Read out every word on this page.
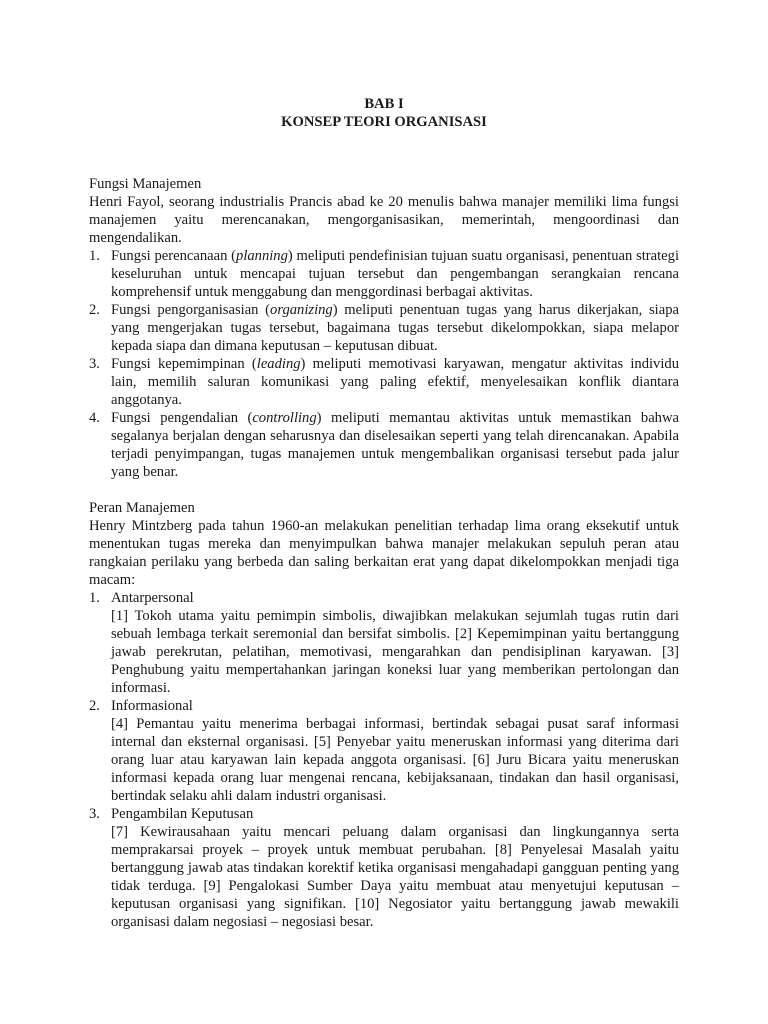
BAB I
KONSEP TEORI ORGANISASI

Fungsi Manajemen

Henri Fayol, seorang industrialis Prancis abad ke 20 menulis bahwa manajer memiliki lima fungsi manajemen yaitu merencanakan, mengorganisasikan, memerintah, mengoordinasi dan mengendalikan.

1. Fungsi perencanaan (planning) meliputi pendefinisian tujuan suatu organisasi, penentuan strategi keseluruhan untuk mencapai tujuan tersebut dan pengembangan serangkaian rencana komprehensif untuk menggabung dan menggordinasi berbagai aktivitas.
2. Fungsi pengorganisasian (organizing) meliputi penentuan tugas yang harus dikerjakan, siapa yang mengerjakan tugas tersebut, bagaimana tugas tersebut dikelompokkan, siapa melapor kepada siapa dan dimana keputusan – keputusan dibuat.
3. Fungsi kepemimpinan (leading) meliputi memotivasi karyawan, mengatur aktivitas individu lain, memilih saluran komunikasi yang paling efektif, menyelesaikan konflik diantara anggotanya.
4. Fungsi pengendalian (controlling) meliputi memantau aktivitas untuk memastikan bahwa segalanya berjalan dengan seharusnya dan diselesaikan seperti yang telah direncanakan. Apabila terjadi penyimpangan, tugas manajemen untuk mengembalikan organisasi tersebut pada jalur yang benar.

Peran Manajemen

Henry Mintzberg pada tahun 1960-an melakukan penelitian terhadap lima orang eksekutif untuk menentukan tugas mereka dan menyimpulkan bahwa manajer melakukan sepuluh peran atau rangkaian perilaku yang berbeda dan saling berkaitan erat yang dapat dikelompokkan menjadi tiga macam:

1. Antarpersonal
[1] Tokoh utama yaitu pemimpin simbolis, diwajibkan melakukan sejumlah tugas rutin dari sebuah lembaga terkait seremonial dan bersifat simbolis. [2] Kepemimpinan yaitu bertanggung jawab perekrutan, pelatihan, memotivasi, mengarahkan dan pendisiplinan karyawan. [3] Penghubung yaitu mempertahankan jaringan koneksi luar yang memberikan pertolongan dan informasi.
2. Informasional
[4] Pemantau yaitu menerima berbagai informasi, bertindak sebagai pusat saraf informasi internal dan eksternal organisasi. [5] Penyebar yaitu meneruskan informasi yang diterima dari orang luar atau karyawan lain kepada anggota organisasi. [6] Juru Bicara yaitu meneruskan informasi kepada orang luar mengenai rencana, kebijaksanaan, tindakan dan hasil organisasi, bertindak selaku ahli dalam industri organisasi.
3. Pengambilan Keputusan
[7] Kewirausahaan yaitu mencari peluang dalam organisasi dan lingkungannya serta memprakarsai proyek – proyek untuk membuat perubahan. [8] Penyelesai Masalah yaitu bertanggung jawab atas tindakan korektif ketika organisasi mengahadapi gangguan penting yang tidak terduga. [9] Pengalokasi Sumber Daya yaitu membuat atau menyetujui keputusan – keputusan organisasi yang signifikan. [10] Negosiator yaitu bertanggung jawab mewakili organisasi dalam negosiasi – negosiasi besar.
